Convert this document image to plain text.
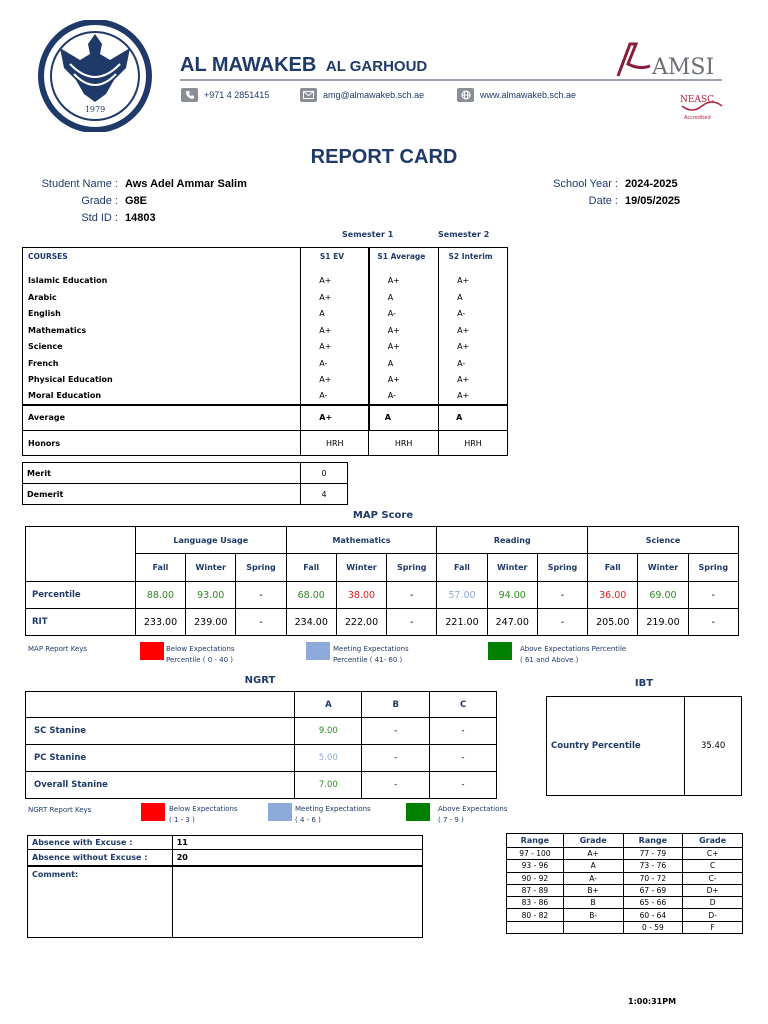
1979
AL MAWAKEB AL GARHOUD
+971 4 2851415	amg@almawakeb.sch.ae	www.almawakeb.sch.ae
AMSI
NEASC
Accredited
REPORT CARD
Student Name : Aws Adel Ammar Salim
Grade : G8E
Std ID : 14803
School Year : 2024-2025
Date : 19/05/2025
Semester 1	Semester 2
COURSES	S1 EV	S1 Average	S2 Interim

Islamic Education	A+	A+	A+
Arabic	A+	A	A
English	A	A-	A-
Mathematics	A+	A+	A+
Science	A+	A+	A+
French	A-	A	A-
Physical Education	A+	A+	A+
Moral Education	A-	A-	A+
Average	A+	A	A
Honors	HRH	HRH	HRH
Merit	0
Demerit	4
MAP Score
	Language Usage			Mathematics			Reading			Science		
	Fall	Winter	Spring	Fall	Winter	Spring	Fall	Winter	Spring	Fall	Winter	Spring
Percentile	88.00	93.00	-	68.00	38.00	-	57.00	94.00	-	36.00	69.00	-
RIT	233.00	239.00	-	234.00	222.00	-	221.00	247.00	-	205.00	219.00	-
MAP Report Keys	Below Expectations
Percentile ( 0 - 40 )
Meeting Expectations
Percentile ( 41- 60 )
Above Expectations Percentile
( 61 and Above )
NGRT
	A	B	C
SC Stanine	9.00	-	-
PC Stanine	5.00	-	-
Overall Stanine	7.00	-	-
NGRT Report Keys	Below Expectations
( 1 - 3 )
Meeting Expectations
( 4 - 6 )
Above Expectations
( 7 - 9 )
IBT
Country Percentile	35.40
Absence with Excuse :	11
Absence without Excuse :	20
Comment:	
Range	Grade	Range	Grade
97 - 100	A+	77 - 79	C+
93 - 96	A	73 - 76	C
90 - 92	A-	70 - 72	C-
87 - 89	B+	67 - 69	D+
83 - 86	B	65 - 66	D
80 - 82	B-	60 - 64	D-
		0 - 59	F
1:00:31PM
